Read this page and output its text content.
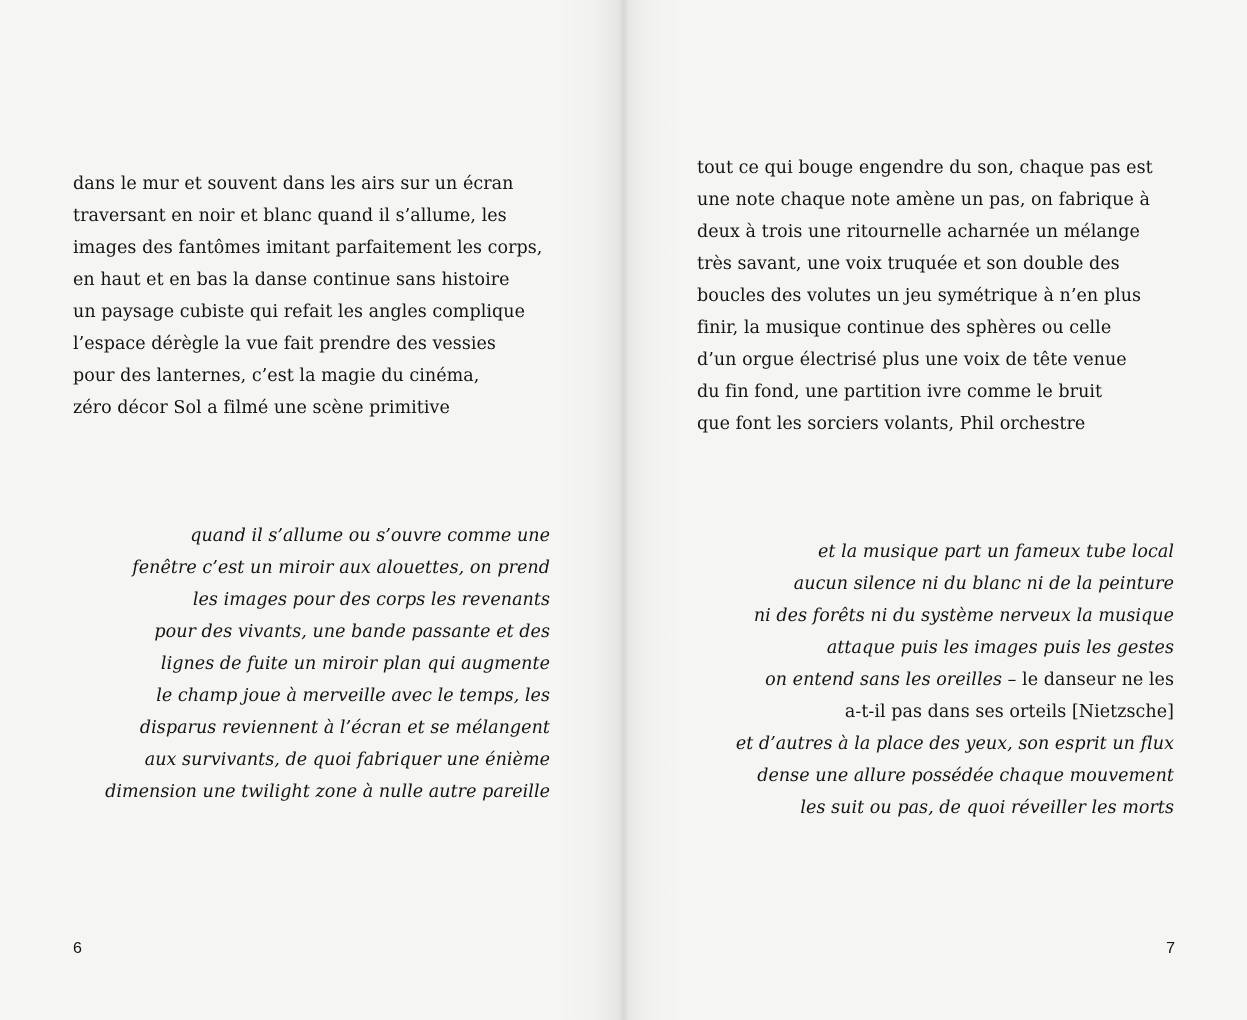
dans le mur et souvent dans les airs sur un écran
traversant en noir et blanc quand il s’allume, les
images des fantômes imitant parfaitement les corps,
en haut et en bas la danse continue sans histoire
un paysage cubiste qui refait les angles complique
l’espace dérègle la vue fait prendre des vessies
pour des lanternes, c’est la magie du cinéma,
zéro décor Sol a filmé une scène primitive
quand il s’allume ou s’ouvre comme une
fenêtre c’est un miroir aux alouettes, on prend
les images pour des corps les revenants
pour des vivants, une bande passante et des
lignes de fuite un miroir plan qui augmente
le champ joue à merveille avec le temps, les
disparus reviennent à l’écran et se mélangent
aux survivants, de quoi fabriquer une énième
dimension une twilight zone à nulle autre pareille
6
tout ce qui bouge engendre du son, chaque pas est
une note chaque note amène un pas, on fabrique à
deux à trois une ritournelle acharnée un mélange
très savant, une voix truquée et son double des
boucles des volutes un jeu symétrique à n’en plus
finir, la musique continue des sphères ou celle
d’un orgue électrisé plus une voix de tête venue
du fin fond, une partition ivre comme le bruit
que font les sorciers volants, Phil orchestre
et la musique part un fameux tube local
aucun silence ni du blanc ni de la peinture
ni des forêts ni du système nerveux la musique
attaque puis les images puis les gestes
on entend sans les oreilles – le danseur ne les
a-t-il pas dans ses orteils [Nietzsche]
et d’autres à la place des yeux, son esprit un flux
dense une allure possédée chaque mouvement
les suit ou pas, de quoi réveiller les morts
7
